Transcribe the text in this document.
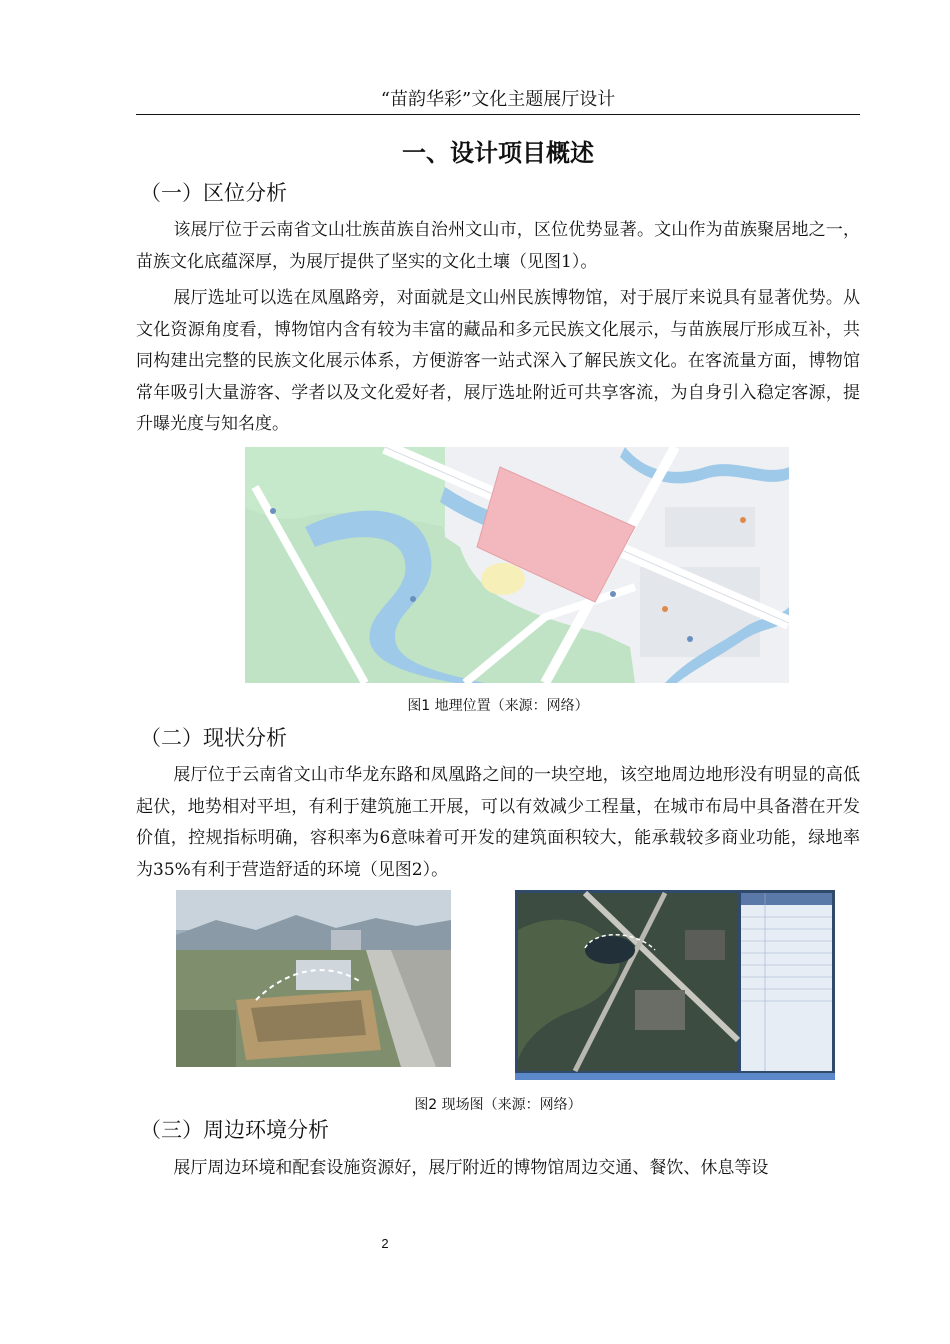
“苗韵华彩”文化主题展厅设计
一、设计项目概述
（一）区位分析
该展厅位于云南省文山壮族苗族自治州文山市，区位优势显著。文山作为苗族聚居地之一，苗族文化底蕴深厚，为展厅提供了坚实的文化土壤（见图1）。
展厅选址可以选在凤凰路旁，对面就是文山州民族博物馆，对于展厅来说具有显著优势。从文化资源角度看，博物馆内含有较为丰富的藏品和多元民族文化展示，与苗族展厅形成互补，共同构建出完整的民族文化展示体系，方便游客一站式深入了解民族文化。在客流量方面，博物馆常年吸引大量游客、学者以及文化爱好者，展厅选址附近可共享客流，为自身引入稳定客源，提升曝光度与知名度。
图1 地理位置（来源：网络）
（二）现状分析
展厅位于云南省文山市华龙东路和凤凰路之间的一块空地，该空地周边地形没有明显的高低起伏，地势相对平坦，有利于建筑施工开展，可以有效减少工程量，在城市布局中具备潜在开发价值，控规指标明确，容积率为6意味着可开发的建筑面积较大，能承载较多商业功能，绿地率为35%有利于营造舒适的环境（见图2）。
图2 现场图（来源：网络）
（三）周边环境分析
展厅周边环境和配套设施资源好，展厅附近的博物馆周边交通、餐饮、休息等设
2
